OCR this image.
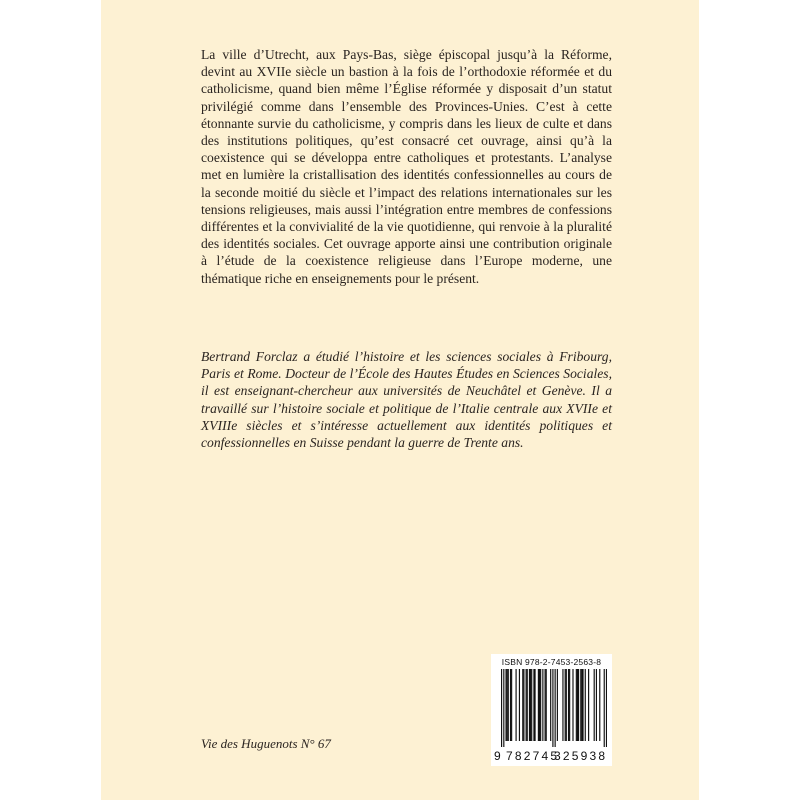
La ville d’Utrecht, aux Pays-Bas, siège épiscopal jusqu’à la Réforme, devint au XVIIe siècle un bastion à la fois de l’orthodoxie réformée et du catholicisme, quand bien même l’Église réformée y disposait d’un statut privilégié comme dans l’ensemble des Provinces-Unies. C’est à cette étonnante survie du catholicisme, y compris dans les lieux de culte et dans des institutions politiques, qu’est consacré cet ouvrage, ainsi qu’à la coexistence qui se développa entre catholiques et protestants. L’analyse met en lumière la cristallisation des identités confessionnelles au cours de la seconde moitié du siècle et l’impact des relations internationales sur les tensions religieuses, mais aussi l’intégration entre membres de confessions différentes et la convivialité de la vie quotidienne, qui renvoie à la pluralité des identités sociales. Cet ouvrage apporte ainsi une contribution originale à l’étude de la coexistence religieuse dans l’Europe moderne, une thématique riche en enseignements pour le présent.

Bertrand Forclaz a étudié l’histoire et les sciences sociales à Fribourg, Paris et Rome. Docteur de l’École des Hautes Études en Sciences Sociales, il est enseignant-chercheur aux universités de Neuchâtel et Genève. Il a travaillé sur l’histoire sociale et politique de l’Italie centrale aux XVIIe et XVIIIe siècles et s’intéresse actuellement aux identités politiques et confessionnelles en Suisse pendant la guerre de Trente ans.

Vie des Huguenots N° 67
ISBN 978-2-7453-2563-8
9 782745
325938
